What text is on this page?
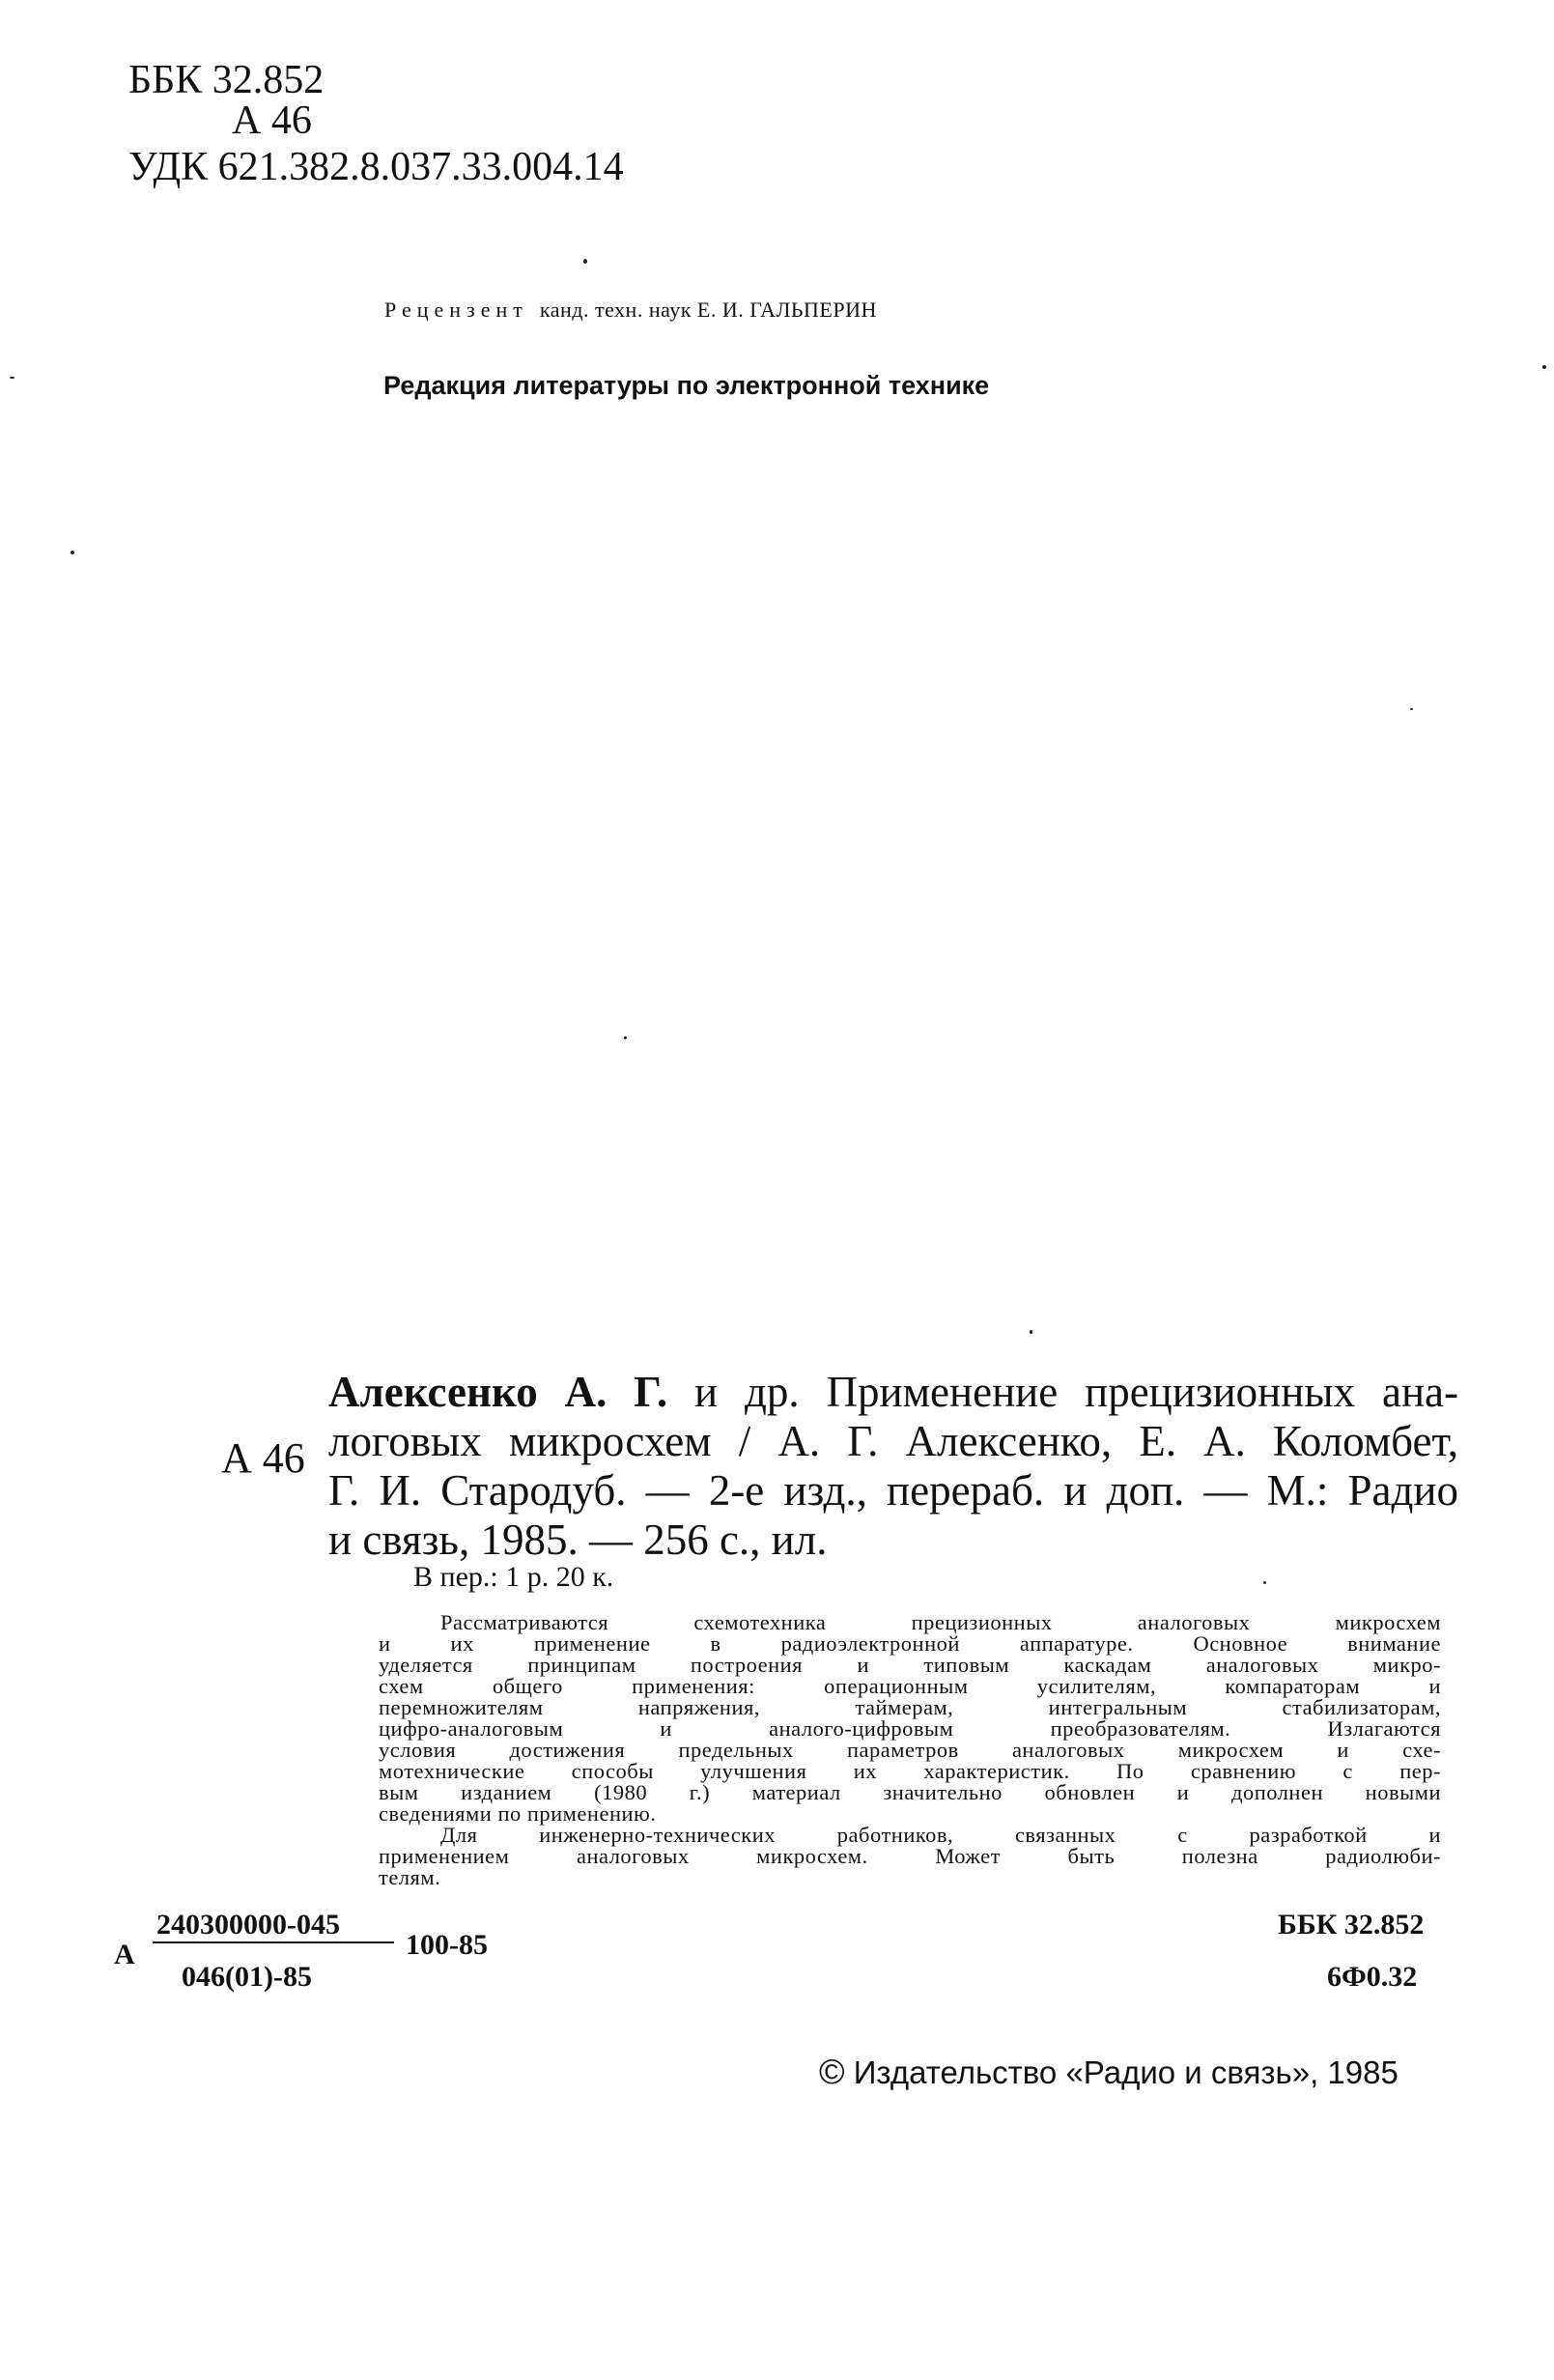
ББК 32.852
А 46
УДК 621.382.8.037.33.004.14
Рецензент канд. техн. наук Е. И. ГАЛЬПЕРИН
Редакция литературы по электронной технике
А 46
Алексенко А. Г. и др. Применение прецизионных ана-
логовых микросхем / А. Г. Алексенко, Е. А. Коломбет,
Г. И. Стародуб. — 2-е изд., перераб. и доп. — М.: Радио
и связь, 1985. — 256 с., ил.
В пер.: 1 р. 20 к.
Рассматриваются схемотехника прецизионных аналоговых микросхем
и их применение в радиоэлектронной аппаратуре. Основное внимание
уделяется принципам построения и типовым каскадам аналоговых микро-
схем общего применения: операционным усилителям, компараторам и
перемножителям напряжения, таймерам, интегральным стабилизаторам,
цифро-аналоговым и аналого-цифровым преобразователям. Излагаются
условия достижения предельных параметров аналоговых микросхем и схе-
мотехнические способы улучшения их характеристик. По сравнению с пер-
вым изданием (1980 г.) материал значительно обновлен и дополнен новыми
сведениями по применению.
Для инженерно-технических работников, связанных с разработкой и
применением аналоговых микросхем. Может быть полезна радиолюби-
телям.
А
240300000-045
046(01)-85
100-85
ББК 32.852
6Ф0.32
© Издательство «Радио и связь», 1985
